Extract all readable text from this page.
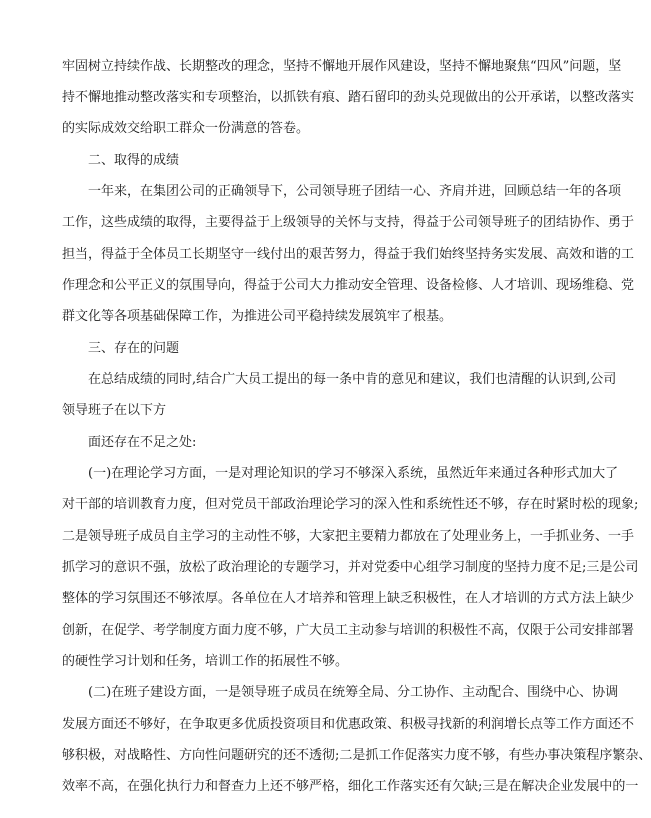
牢固树立持续作战、长期整改的理念，坚持不懈地开展作风建设，坚持不懈地聚焦“四风”问题，坚
持不懈地推动整改落实和专项整治，以抓铁有痕、踏石留印的劲头兑现做出的公开承诺，以整改落实
的实际成效交给职工群众一份满意的答卷。
二、取得的成绩
一年来，在集团公司的正确领导下，公司领导班子团结一心、齐肩并进，回顾总结一年的各项
工作，这些成绩的取得，主要得益于上级领导的关怀与支持，得益于公司领导班子的团结协作、勇于
担当，得益于全体员工长期坚守一线付出的艰苦努力，得益于我们始终坚持务实发展、高效和谐的工
作理念和公平正义的氛围导向，得益于公司大力推动安全管理、设备检修、人才培训、现场维稳、党
群文化等各项基础保障工作，为推进公司平稳持续发展筑牢了根基。
三、存在的问题
在总结成绩的同时,结合广大员工提出的每一条中肯的意见和建议，我们也清醒的认识到,公司
领导班子在以下方
面还存在不足之处:
(一)在理论学习方面，一是对理论知识的学习不够深入系统，虽然近年来通过各种形式加大了
对干部的培训教育力度，但对党员干部政治理论学习的深入性和系统性还不够，存在时紧时松的现象;
二是领导班子成员自主学习的主动性不够，大家把主要精力都放在了处理业务上，一手抓业务、一手
抓学习的意识不强，放松了政治理论的专题学习，并对党委中心组学习制度的坚持力度不足;三是公司
整体的学习氛围还不够浓厚。各单位在人才培养和管理上缺乏积极性，在人才培训的方式方法上缺少
创新，在促学、考学制度方面力度不够，广大员工主动参与培训的积极性不高，仅限于公司安排部署
的硬性学习计划和任务，培训工作的拓展性不够。
(二)在班子建设方面，一是领导班子成员在统筹全局、分工协作、主动配合、围绕中心、协调
发展方面还不够好，在争取更多优质投资项目和优惠政策、积极寻找新的利润增长点等工作方面还不
够积极，对战略性、方向性问题研究的还不透彻;二是抓工作促落实力度不够，有些办事决策程序繁杂、
效率不高，在强化执行力和督查力上还不够严格，细化工作落实还有欠缺;三是在解决企业发展中的一
